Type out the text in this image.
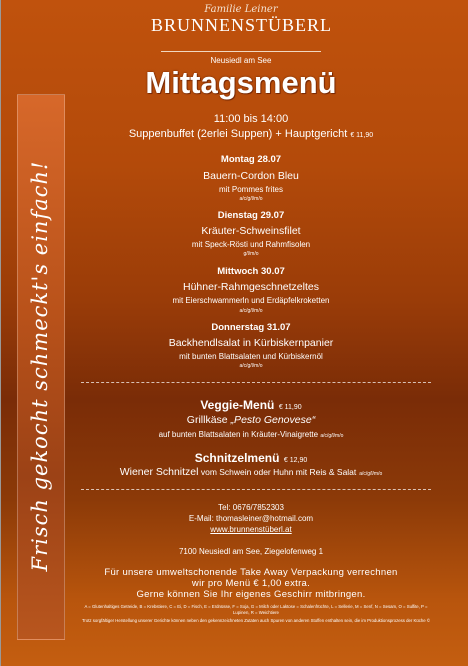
Frisch gekocht schmeckt's einfach!
Familie Leiner
BRUNNENSTÜBERL
Neusiedl am See
Mittagsmenü
11:00 bis 14:00
Suppenbuffet (2erlei Suppen) + Hauptgericht € 11,90
Montag 28.07
Bauern-Cordon Bleu
mit Pommes frites
a/c/g/l/m/o
Dienstag 29.07
Kräuter-Schweinsfilet
mit Speck-Rösti und Rahmfisolen
g/l/m/o
Mittwoch 30.07
Hühner-Rahmgeschnetzeltes
mit Eierschwammerln und Erdäpfelkroketten
a/c/g/l/m/o
Donnerstag 31.07
Backhendlsalat in Kürbiskernpanier
mit bunten Blattsalaten und Kürbiskernöl
a/c/g/l/m/o
Veggie-Menü € 11,90
Grillkäse „Pesto Genovese“
auf bunten Blattsalaten in Kräuter-Vinaigrette a/c/g/l/m/o
Schnitzelmenü € 12,90
Wiener Schnitzel vom Schwein oder Huhn mit Reis & Salat a/c/g/l/m/o
Tel: 0676/7852303
E-Mail: thomasleiner@hotmail.com
www.brunnenstüberl.at
7100 Neusiedl am See, Ziegelofenweg 1
Für unsere umweltschonende Take Away Verpackung verrechnen
wir pro Menü € 1,00 extra.
Gerne können Sie Ihr eigenes Geschirr mitbringen.
A = Glutenhaltiges Getreide, B = Krebstiere, C = Ei, D = Fisch, E = Erdnüsse, F = Soja, G = Milch oder Laktose = Schalenfrüchte, L = Sellerie, M = Senf, N = Sesam, O = Sulfite, P = Lupinen, R = Weichtiere
Trotz sorgfältiger Herstellung unserer Gerichte können neben den gekennzeichneten Zutaten auch Spuren von anderen Stoffen enthalten sein, die im Produktionsprozess der Küche ©
